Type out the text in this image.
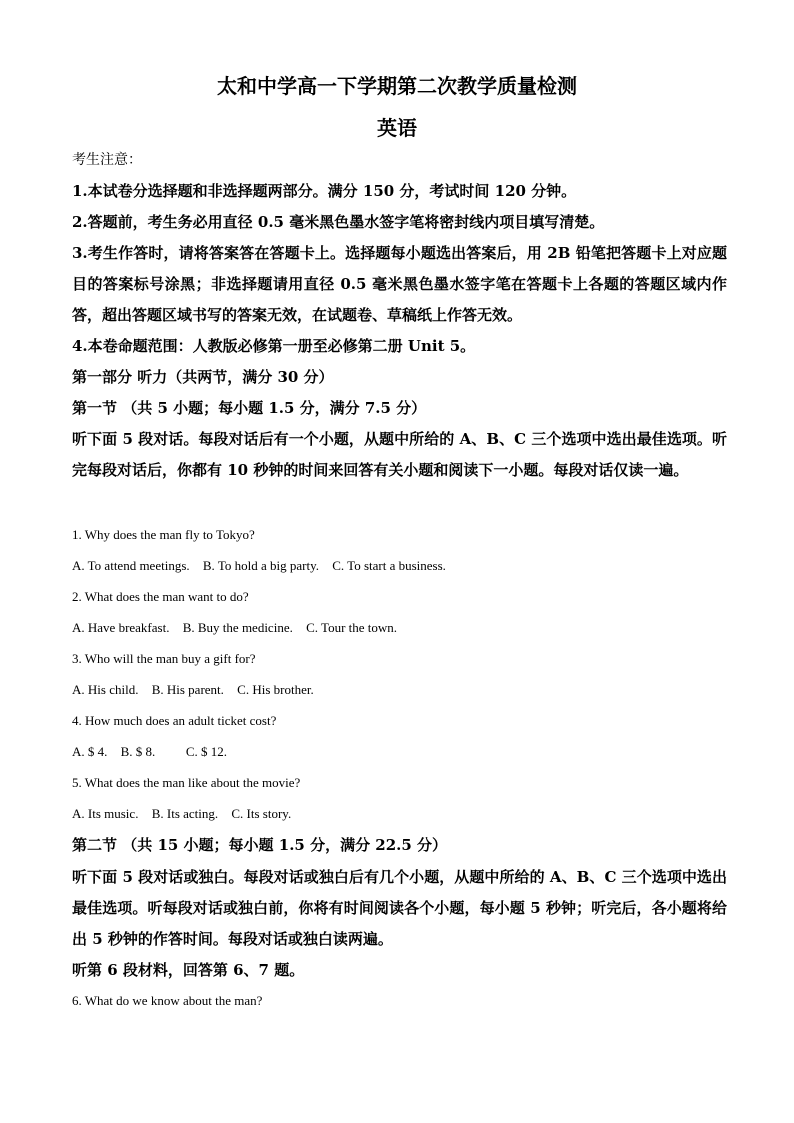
太和中学高一下学期第二次教学质量检测
英语
考生注意：
1.本试卷分选择题和非选择题两部分。满分 150 分，考试时间 120 分钟。
2.答题前，考生务必用直径 0.5 毫米黑色墨水签字笔将密封线内项目填写清楚。
3.考生作答时，请将答案答在答题卡上。选择题每小题选出答案后，用 2B 铅笔把答题卡上对应题目的答案标号涂黑；非选择题请用直径 0.5 毫米黑色墨水签字笔在答题卡上各题的答题区域内作答，超出答题区域书写的答案无效，在试题卷、草稿纸上作答无效。
4.本卷命题范围：人教版必修第一册至必修第二册 Unit 5。
第一部分 听力（共两节，满分 30 分）
第一节 （共 5 小题；每小题 1.5 分，满分 7.5 分）
听下面 5 段对话。每段对话后有一个小题，从题中所给的 A、B、C 三个选项中选出最佳选项。听完每段对话后，你都有 10 秒钟的时间来回答有关小题和阅读下一小题。每段对话仅读一遍。
1. Why does the man fly to Tokyo?
A. To attend meetings. B. To hold a big party. C. To start a business.
2. What does the man want to do?
A. Have breakfast. B. Buy the medicine. C. Tour the town.
3. Who will the man buy a gift for?
A. His child. B. His parent. C. His brother.
4. How much does an adult ticket cost?
A. $ 4. B. $ 8. C. $ 12.
5. What does the man like about the movie?
A. Its music. B. Its acting. C. Its story.
第二节 （共 15 小题；每小题 1.5 分，满分 22.5 分）
听下面 5 段对话或独白。每段对话或独白后有几个小题，从题中所给的 A、B、C 三个选项中选出最佳选项。听每段对话或独白前，你将有时间阅读各个小题，每小题 5 秒钟；听完后，各小题将给出 5 秒钟的作答时间。每段对话或独白读两遍。
听第 6 段材料，回答第 6、7 题。
6. What do we know about the man?
